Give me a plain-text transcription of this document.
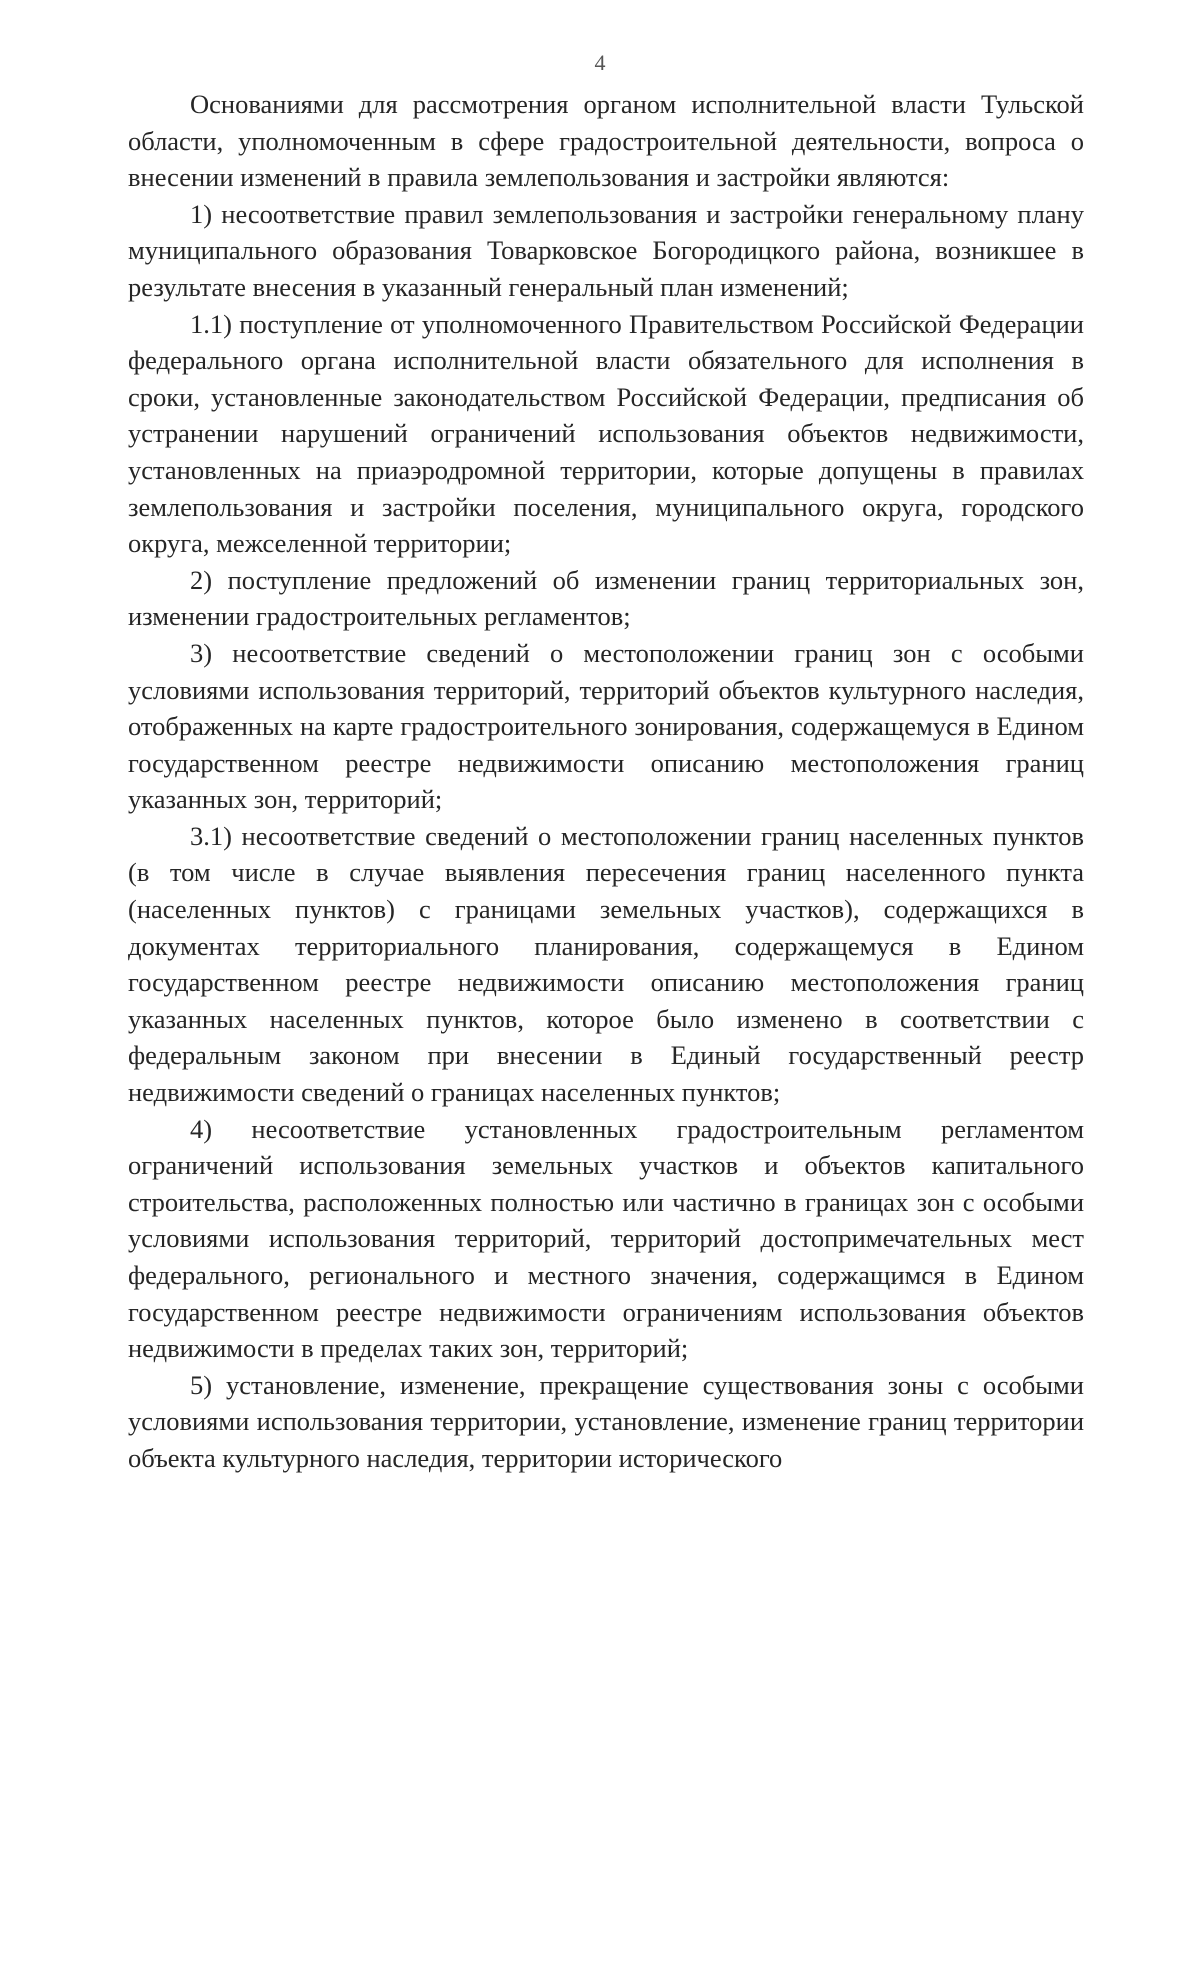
4

Основаниями для рассмотрения органом исполнительной власти Тульской области, уполномоченным в сфере градостроительной деятельности, вопроса о внесении изменений в правила землепользования и застройки являются:

1) несоответствие правил землепользования и застройки генеральному плану муниципального образования Товарковское Богородицкого района, возникшее в результате внесения в указанный генеральный план изменений;

1.1) поступление от уполномоченного Правительством Российской Федерации федерального органа исполнительной власти обязательного для исполнения в сроки, установленные законодательством Российской Федерации, предписания об устранении нарушений ограничений использования объектов недвижимости, установленных на приаэродромной территории, которые допущены в правилах землепользования и застройки поселения, муниципального округа, городского округа, межселенной территории;

2) поступление предложений об изменении границ территориальных зон, изменении градостроительных регламентов;

3) несоответствие сведений о местоположении границ зон с особыми условиями использования территорий, территорий объектов культурного наследия, отображенных на карте градостроительного зонирования, содержащемуся в Едином государственном реестре недвижимости описанию местоположения границ указанных зон, территорий;

3.1) несоответствие сведений о местоположении границ населенных пунктов (в том числе в случае выявления пересечения границ населенного пункта (населенных пунктов) с границами земельных участков), содержащихся в документах территориального планирования, содержащемуся в Едином государственном реестре недвижимости описанию местоположения границ указанных населенных пунктов, которое было изменено в соответствии с федеральным законом при внесении в Единый государственный реестр недвижимости сведений о границах населенных пунктов;

4) несоответствие установленных градостроительным регламентом ограничений использования земельных участков и объектов капитального строительства, расположенных полностью или частично в границах зон с особыми условиями использования территорий, территорий достопримечательных мест федерального, регионального и местного значения, содержащимся в Едином государственном реестре недвижимости ограничениям использования объектов недвижимости в пределах таких зон, территорий;

5) установление, изменение, прекращение существования зоны с особыми условиями использования территории, установление, изменение границ территории объекта культурного наследия, территории исторического
